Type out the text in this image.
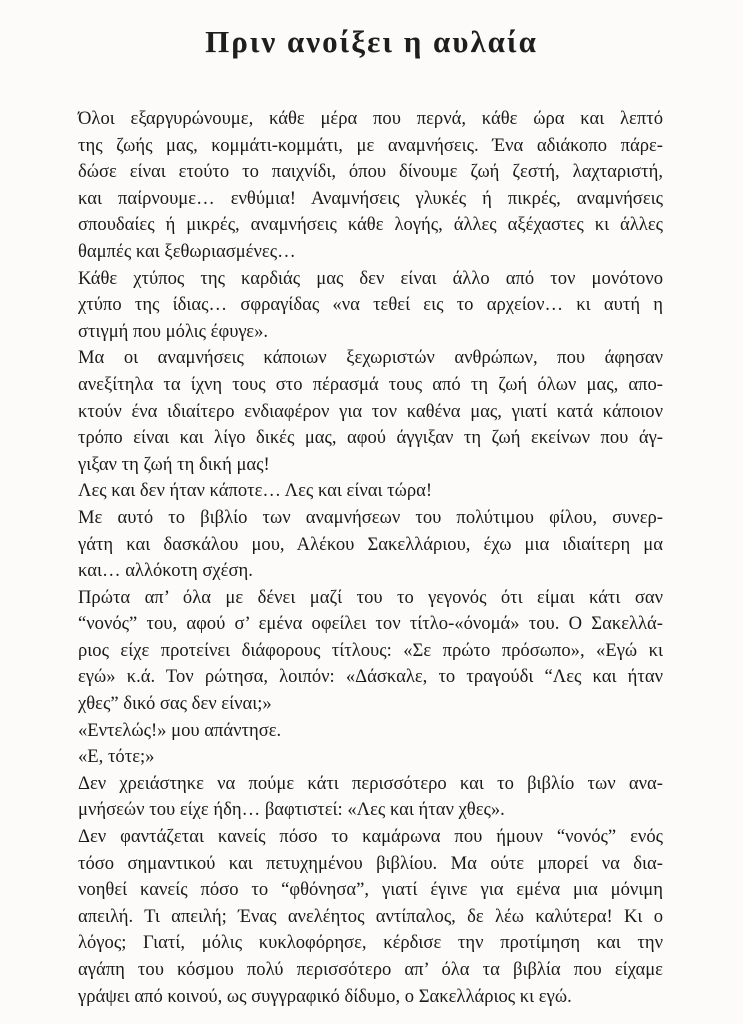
Πριν ανοίξει η αυλαία
Όλοι εξαργυρώνουμε, κάθε μέρα που περνά, κάθε ώρα και λεπτό
της ζωής μας, κομμάτι-κομμάτι, με αναμνήσεις. Ένα αδιάκοπο πάρε-
δώσε είναι ετούτο το παιχνίδι, όπου δίνουμε ζωή ζεστή, λαχταριστή,
και παίρνουμε… ενθύμια! Αναμνήσεις γλυκές ή πικρές, αναμνήσεις
σπουδαίες ή μικρές, αναμνήσεις κάθε λογής, άλλες αξέχαστες κι άλλες
θαμπές και ξεθωριασμένες…
Κάθε χτύπος της καρδιάς μας δεν είναι άλλο από τον μονότονο
χτύπο της ίδιας… σφραγίδας «να τεθεί εις το αρχείον… κι αυτή η
στιγμή που μόλις έφυγε».
Μα οι αναμνήσεις κάποιων ξεχωριστών ανθρώπων, που άφησαν
ανεξίτηλα τα ίχνη τους στο πέρασμά τους από τη ζωή όλων μας, απο-
κτούν ένα ιδιαίτερο ενδιαφέρον για τον καθένα μας, γιατί κατά κάποιον
τρόπο είναι και λίγο δικές μας, αφού άγγιξαν τη ζωή εκείνων που άγ-
γιξαν τη ζωή τη δική μας!
Λες και δεν ήταν κάποτε… Λες και είναι τώρα!
Με αυτό το βιβλίο των αναμνήσεων του πολύτιμου φίλου, συνερ-
γάτη και δασκάλου μου, Αλέκου Σακελλάριου, έχω μια ιδιαίτερη μα
και… αλλόκοτη σχέση.
Πρώτα απ’ όλα με δένει μαζί του το γεγονός ότι είμαι κάτι σαν
“νονός” του, αφού σ’ εμένα οφείλει τον τίτλο-«όνομά» του. Ο Σακελλά-
ριος είχε προτείνει διάφορους τίτλους: «Σε πρώτο πρόσωπο», «Εγώ κι
εγώ» κ.ά. Τον ρώτησα, λοιπόν: «Δάσκαλε, το τραγούδι “Λες και ήταν
χθες” δικό σας δεν είναι;»
«Εντελώς!» μου απάντησε.
«Ε, τότε;»
Δεν χρειάστηκε να πούμε κάτι περισσότερο και το βιβλίο των ανα-
μνήσεών του είχε ήδη… βαφτιστεί: «Λες και ήταν χθες».
Δεν φαντάζεται κανείς πόσο το καμάρωνα που ήμουν “νονός” ενός
τόσο σημαντικού και πετυχημένου βιβλίου. Μα ούτε μπορεί να δια-
νοηθεί κανείς πόσο το “φθόνησα”, γιατί έγινε για εμένα μια μόνιμη
απειλή. Τι απειλή; Ένας ανελέητος αντίπαλος, δε λέω καλύτερα! Κι ο
λόγος; Γιατί, μόλις κυκλοφόρησε, κέρδισε την προτίμηση και την
αγάπη του κόσμου πολύ περισσότερο απ’ όλα τα βιβλία που είχαμε
γράψει από κοινού, ως συγγραφικό δίδυμο, ο Σακελλάριος κι εγώ.
